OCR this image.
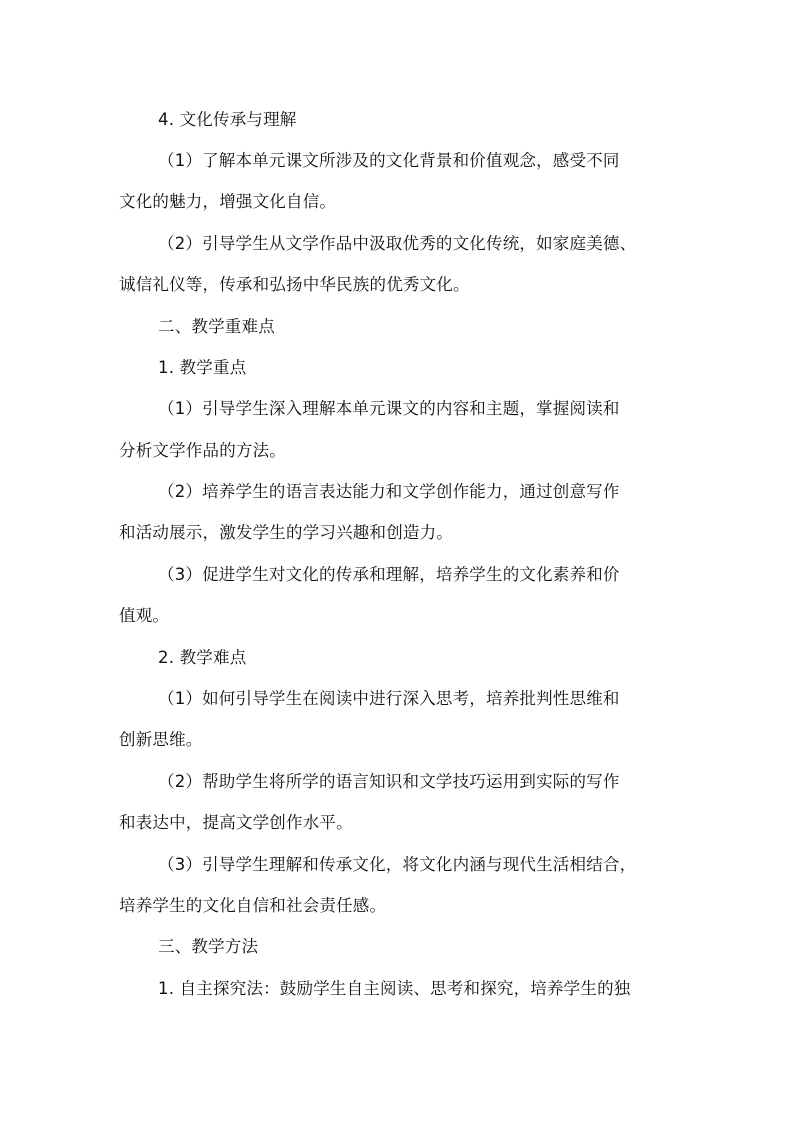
4. 文化传承与理解
（1）了解本单元课文所涉及的文化背景和价值观念，感受不同
文化的魅力，增强文化自信。
（2）引导学生从文学作品中汲取优秀的文化传统，如家庭美德、
诚信礼仪等，传承和弘扬中华民族的优秀文化。
二、教学重难点
1. 教学重点
（1）引导学生深入理解本单元课文的内容和主题，掌握阅读和
分析文学作品的方法。
（2）培养学生的语言表达能力和文学创作能力，通过创意写作
和活动展示，激发学生的学习兴趣和创造力。
（3）促进学生对文化的传承和理解，培养学生的文化素养和价
值观。
2. 教学难点
（1）如何引导学生在阅读中进行深入思考，培养批判性思维和
创新思维。
（2）帮助学生将所学的语言知识和文学技巧运用到实际的写作
和表达中，提高文学创作水平。
（3）引导学生理解和传承文化，将文化内涵与现代生活相结合，
培养学生的文化自信和社会责任感。
三、教学方法
1. 自主探究法：鼓励学生自主阅读、思考和探究，培养学生的独
